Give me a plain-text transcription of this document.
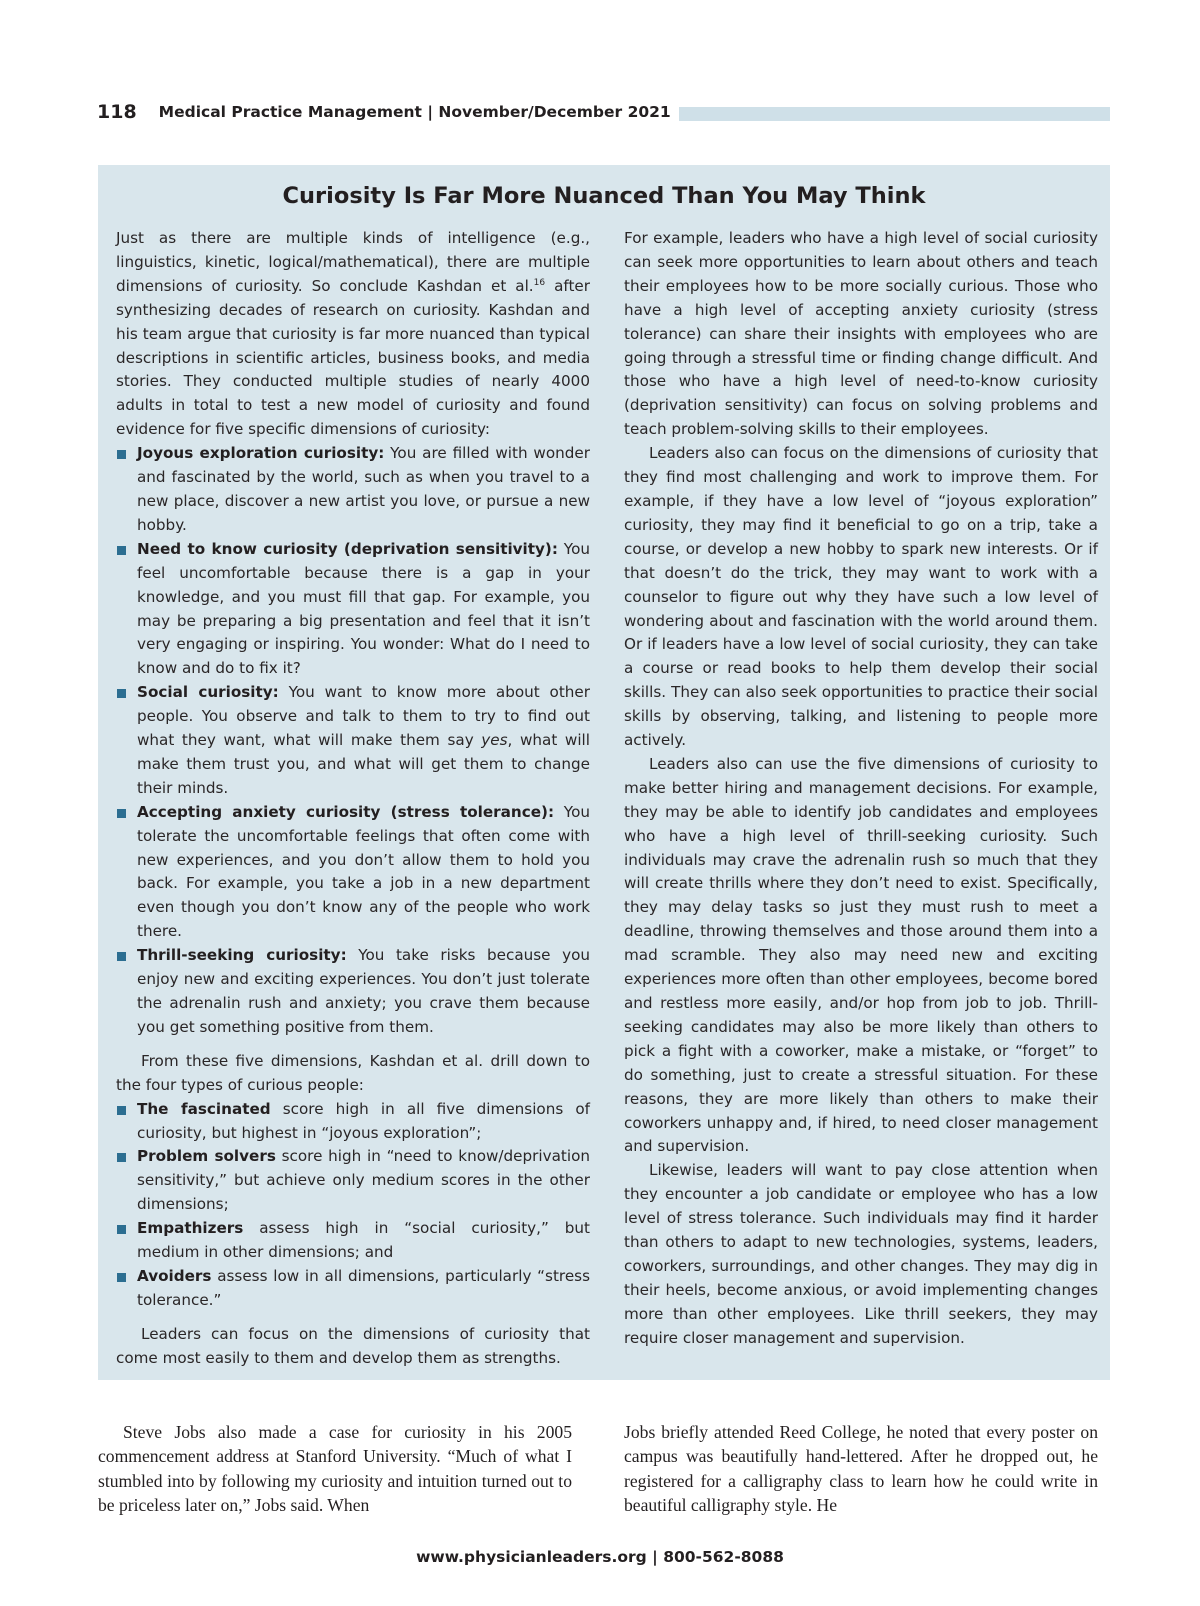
118 Medical Practice Management | November/December 2021
Curiosity Is Far More Nuanced Than You May Think

Just as there are multiple kinds of intelligence (e.g., linguistics, kinetic, logical/mathematical), there are multiple dimensions of curiosity. So conclude Kashdan et al.$^{16}$ after synthesizing decades of research on curiosity. Kashdan and his team argue that curiosity is far more nuanced than typical descriptions in scientific articles, business books, and media stories. They conducted multiple studies of nearly 4000 adults in total to test a new model of curiosity and found evidence for five specific dimensions of curiosity:

Joyous exploration curiosity: You are filled with wonder and fascinated by the world, such as when you travel to a new place, discover a new artist you love, or pursue a new hobby.
Need to know curiosity (deprivation sensitivity): You feel uncomfortable because there is a gap in your knowledge, and you must fill that gap. For example, you may be preparing a big presentation and feel that it isn’t very engaging or inspiring. You wonder: What do I need to know and do to fix it?
Social curiosity: You want to know more about other people. You observe and talk to them to try to find out what they want, what will make them say yes, what will make them trust you, and what will get them to change their minds.
Accepting anxiety curiosity (stress tolerance): You tolerate the uncomfortable feelings that often come with new experiences, and you don’t allow them to hold you back. For example, you take a job in a new department even though you don’t know any of the people who work there.
Thrill-seeking curiosity: You take risks because you enjoy new and exciting experiences. You don’t just tolerate the adrenalin rush and anxiety; you crave them because you get something positive from them.

From these five dimensions, Kashdan et al. drill down to the four types of curious people:

The fascinated score high in all five dimensions of curiosity, but highest in “joyous exploration”;
Problem solvers score high in “need to know/deprivation sensitivity,” but achieve only medium scores in the other dimensions;
Empathizers assess high in “social curiosity,” but medium in other dimensions; and
Avoiders assess low in all dimensions, particularly “stress tolerance.”

Leaders can focus on the dimensions of curiosity that come most easily to them and develop them as strengths.

For example, leaders who have a high level of social curiosity can seek more opportunities to learn about others and teach their employees how to be more socially curious. Those who have a high level of accepting anxiety curiosity (stress tolerance) can share their insights with employees who are going through a stressful time or finding change difficult. And those who have a high level of need-to-know curiosity (deprivation sensitivity) can focus on solving problems and teach problem-solving skills to their employees.

Leaders also can focus on the dimensions of curiosity that they find most challenging and work to improve them. For example, if they have a low level of “joyous exploration” curiosity, they may find it beneficial to go on a trip, take a course, or develop a new hobby to spark new interests. Or if that doesn’t do the trick, they may want to work with a counselor to figure out why they have such a low level of wondering about and fascination with the world around them. Or if leaders have a low level of social curiosity, they can take a course or read books to help them develop their social skills. They can also seek opportunities to practice their social skills by observing, talking, and listening to people more actively.

Leaders also can use the five dimensions of curiosity to make better hiring and management decisions. For example, they may be able to identify job candidates and employees who have a high level of thrill-seeking curiosity. Such individuals may crave the adrenalin rush so much that they will create thrills where they don’t need to exist. Specifically, they may delay tasks so just they must rush to meet a deadline, throwing themselves and those around them into a mad scramble. They also may need new and exciting experiences more often than other employees, become bored and restless more easily, and/or hop from job to job. Thrill-seeking candidates may also be more likely than others to pick a fight with a coworker, make a mistake, or “forget” to do something, just to create a stressful situation. For these reasons, they are more likely than others to make their coworkers unhappy and, if hired, to need closer management and supervision.

Likewise, leaders will want to pay close attention when they encounter a job candidate or employee who has a low level of stress tolerance. Such individuals may find it harder than others to adapt to new technologies, systems, leaders, coworkers, surroundings, and other changes. They may dig in their heels, become anxious, or avoid implementing changes more than other employees. Like thrill seekers, they may require closer management and supervision.

Steve Jobs also made a case for curiosity in his 2005 commencement address at Stanford University. “Much of what I stumbled into by following my curiosity and intuition turned out to be priceless later on,” Jobs said. When

Jobs briefly attended Reed College, he noted that every poster on campus was beautifully hand-lettered. After he dropped out, he registered for a calligraphy class to learn how he could write in beautiful calligraphy style. He

www.physicianleaders.org | 800-562-8088
